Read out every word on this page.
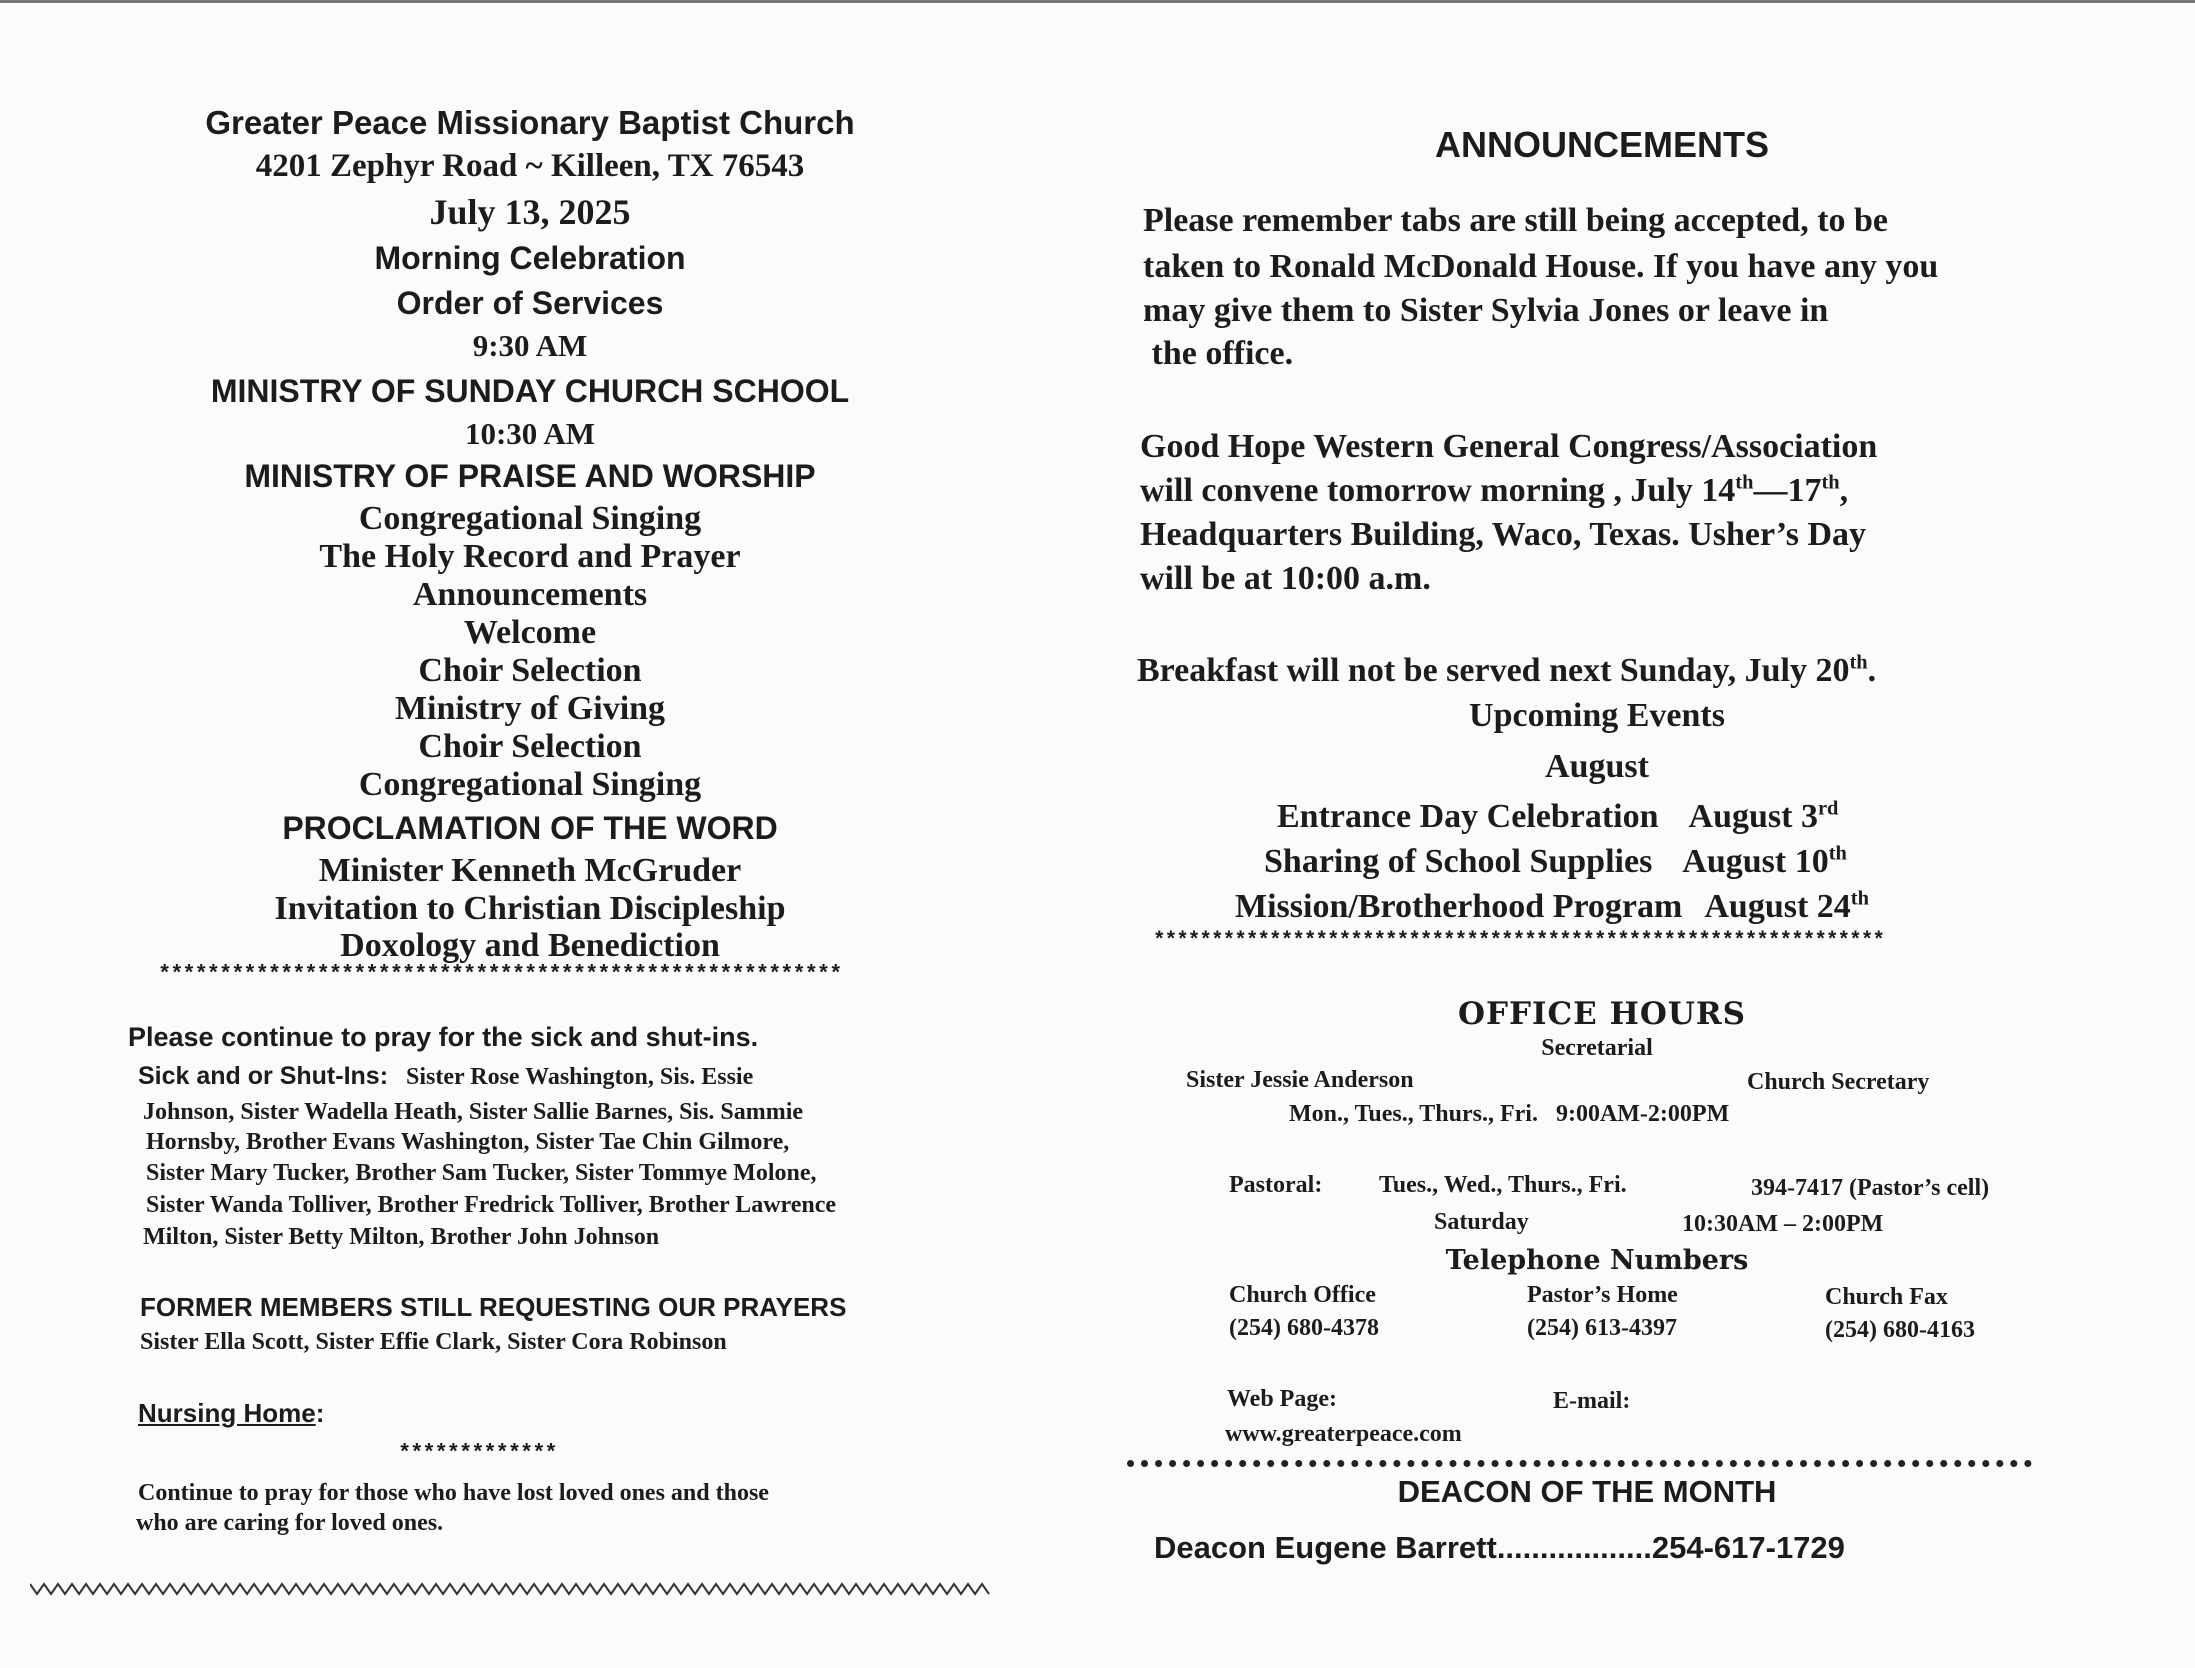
Greater Peace Missionary Baptist Church
4201 Zephyr Road ~ Killeen, TX 76543
July 13, 2025
Morning Celebration
Order of Services
9:30 AM
MINISTRY OF SUNDAY CHURCH SCHOOL
10:30 AM
MINISTRY OF PRAISE AND WORSHIP
Congregational Singing
The Holy Record and Prayer
Announcements
Welcome
Choir Selection
Ministry of Giving
Choir Selection
Congregational Singing
PROCLAMATION OF THE WORD
Minister Kenneth McGruder
Invitation to Christian Discipleship
Doxology and Benediction
********************************************************
Please continue to pray for the sick and shut-ins.
Sick and or Shut-Ins: Sister Rose Washington, Sis. Essie
Johnson, Sister Wadella Heath, Sister Sallie Barnes, Sis. Sammie
Hornsby, Brother Evans Washington, Sister Tae Chin Gilmore,
Sister Mary Tucker, Brother Sam Tucker, Sister Tommye Molone,
Sister Wanda Tolliver, Brother Fredrick Tolliver, Brother Lawrence
Milton, Sister Betty Milton, Brother John Johnson
FORMER MEMBERS STILL REQUESTING OUR PRAYERS
Sister Ella Scott, Sister Effie Clark, Sister Cora Robinson
Nursing Home:
*************
Continue to pray for those who have lost loved ones and those
who are caring for loved ones.
ANNOUNCEMENTS
Please remember tabs are still being accepted, to be
taken to Ronald McDonald House. If you have any you
may give them to Sister Sylvia Jones or leave in
the office.
Good Hope Western General Congress/Association
will convene tomorrow morning , July 14th—17th,
Headquarters Building, Waco, Texas. Usher’s Day
will be at 10:00 a.m.
Breakfast will not be served next Sunday, July 20th.
Upcoming Events
August
Entrance Day Celebration August 3rd
Sharing of School Supplies August 10th
Mission/Brotherhood Program August 24th
***************************************************************
OFFICE HOURS
Secretarial
Sister Jessie Anderson	Church Secretary
Mon., Tues., Thurs., Fri.   9:00AM-2:00PM
Pastoral: Tues., Wed., Thurs., Fri.	394-7417 (Pastor’s cell)
Saturday	10:30AM – 2:00PM
Telephone Numbers
Church Office
(254) 680-4378
Pastor’s Home
(254) 613-4397
Church Fax
(254) 680-4163
Web Page:	E-mail:
www.greaterpeace.com
DEACON OF THE MONTH
Deacon Eugene Barrett..................254-617-1729
